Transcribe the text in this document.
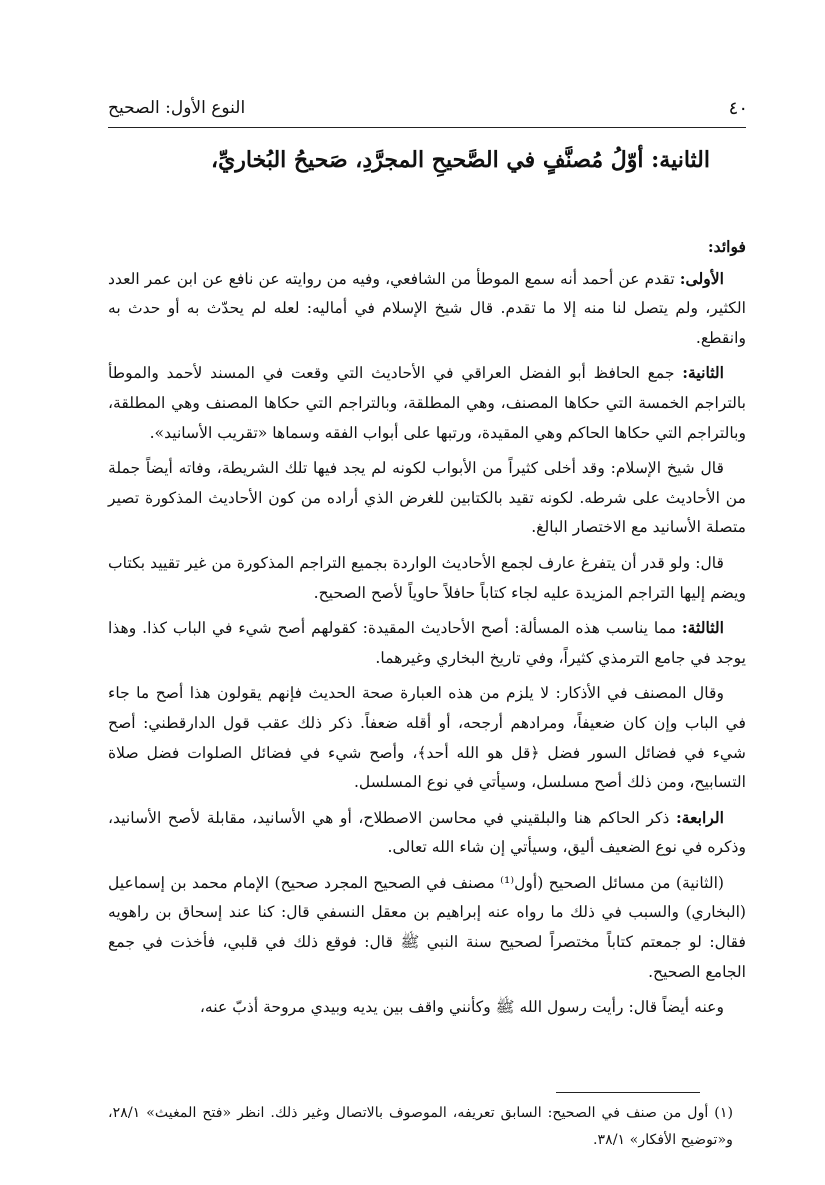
٤٠
النوع الأول: الصحيح
الثانية: أوّلُ مُصنَّفٍ في الصَّحيحِ المجرَّدِ، صَحيحُ البُخاريِّ،

فوائد:

الأولى: تقدم عن أحمد أنه سمع الموطأ من الشافعي، وفيه من روايته عن نافع عن ابن عمر العدد الكثير، ولم يتصل لنا منه إلا ما تقدم. قال شيخ الإسلام في أماليه: لعله لم يحدّث به أو حدث به وانقطع.

الثانية: جمع الحافظ أبو الفضل العراقي في الأحاديث التي وقعت في المسند لأحمد والموطأ بالتراجم الخمسة التي حكاها المصنف، وهي المطلقة، وبالتراجم التي حكاها المصنف وهي المطلقة، وبالتراجم التي حكاها الحاكم وهي المقيدة، ورتبها على أبواب الفقه وسماها «تقريب الأسانيد».

قال شيخ الإسلام: وقد أخلى كثيراً من الأبواب لكونه لم يجد فيها تلك الشريطة، وفاته أيضاً جملة من الأحاديث على شرطه. لكونه تقيد بالكتابين للغرض الذي أراده من كون الأحاديث المذكورة تصير متصلة الأسانيد مع الاختصار البالغ.

قال: ولو قدر أن يتفرغ عارف لجمع الأحاديث الواردة بجميع التراجم المذكورة من غير تقييد بكتاب ويضم إليها التراجم المزيدة عليه لجاء كتاباً حافلاً حاوياً لأصح الصحيح.

الثالثة: مما يناسب هذه المسألة: أصح الأحاديث المقيدة: كقولهم أصح شيء في الباب كذا. وهذا يوجد في جامع الترمذي كثيراً، وفي تاريخ البخاري وغيرهما.

وقال المصنف في الأذكار: لا يلزم من هذه العبارة صحة الحديث فإنهم يقولون هذا أصح ما جاء في الباب وإن كان ضعيفاً، ومرادهم أرجحه، أو أقله ضعفاً. ذكر ذلك عقب قول الدارقطني: أصح شيء في فضائل السور فضل ﴿قل هو الله أحد﴾، وأصح شيء في فضائل الصلوات فضل صلاة التسابيح، ومن ذلك أصح مسلسل، وسيأتي في نوع المسلسل.

الرابعة: ذكر الحاكم هنا والبلقيني في محاسن الاصطلاح، أو هي الأسانيد، مقابلة لأصح الأسانيد، وذكره في نوع الضعيف أليق، وسيأتي إن شاء الله تعالى.

(الثانية) من مسائل الصحيح (أول⁽¹⁾ مصنف في الصحيح المجرد صحيح) الإمام محمد بن إسماعيل (البخاري) والسبب في ذلك ما رواه عنه إبراهيم بن معقل النسفي قال: كنا عند إسحاق بن راهويه فقال: لو جمعتم كتاباً مختصراً لصحيح سنة النبي ﷺ قال: فوقع ذلك في قلبي، فأخذت في جمع الجامع الصحيح.

وعنه أيضاً قال: رأيت رسول الله ﷺ وكأنني واقف بين يديه وبيدي مروحة أذبّ عنه،

(١) أول من صنف في الصحيح: السابق تعريفه، الموصوف بالاتصال وغير ذلك. انظر «فتح المغيث» ٢٨/١، و«توضيح الأفكار» ٣٨/١.
